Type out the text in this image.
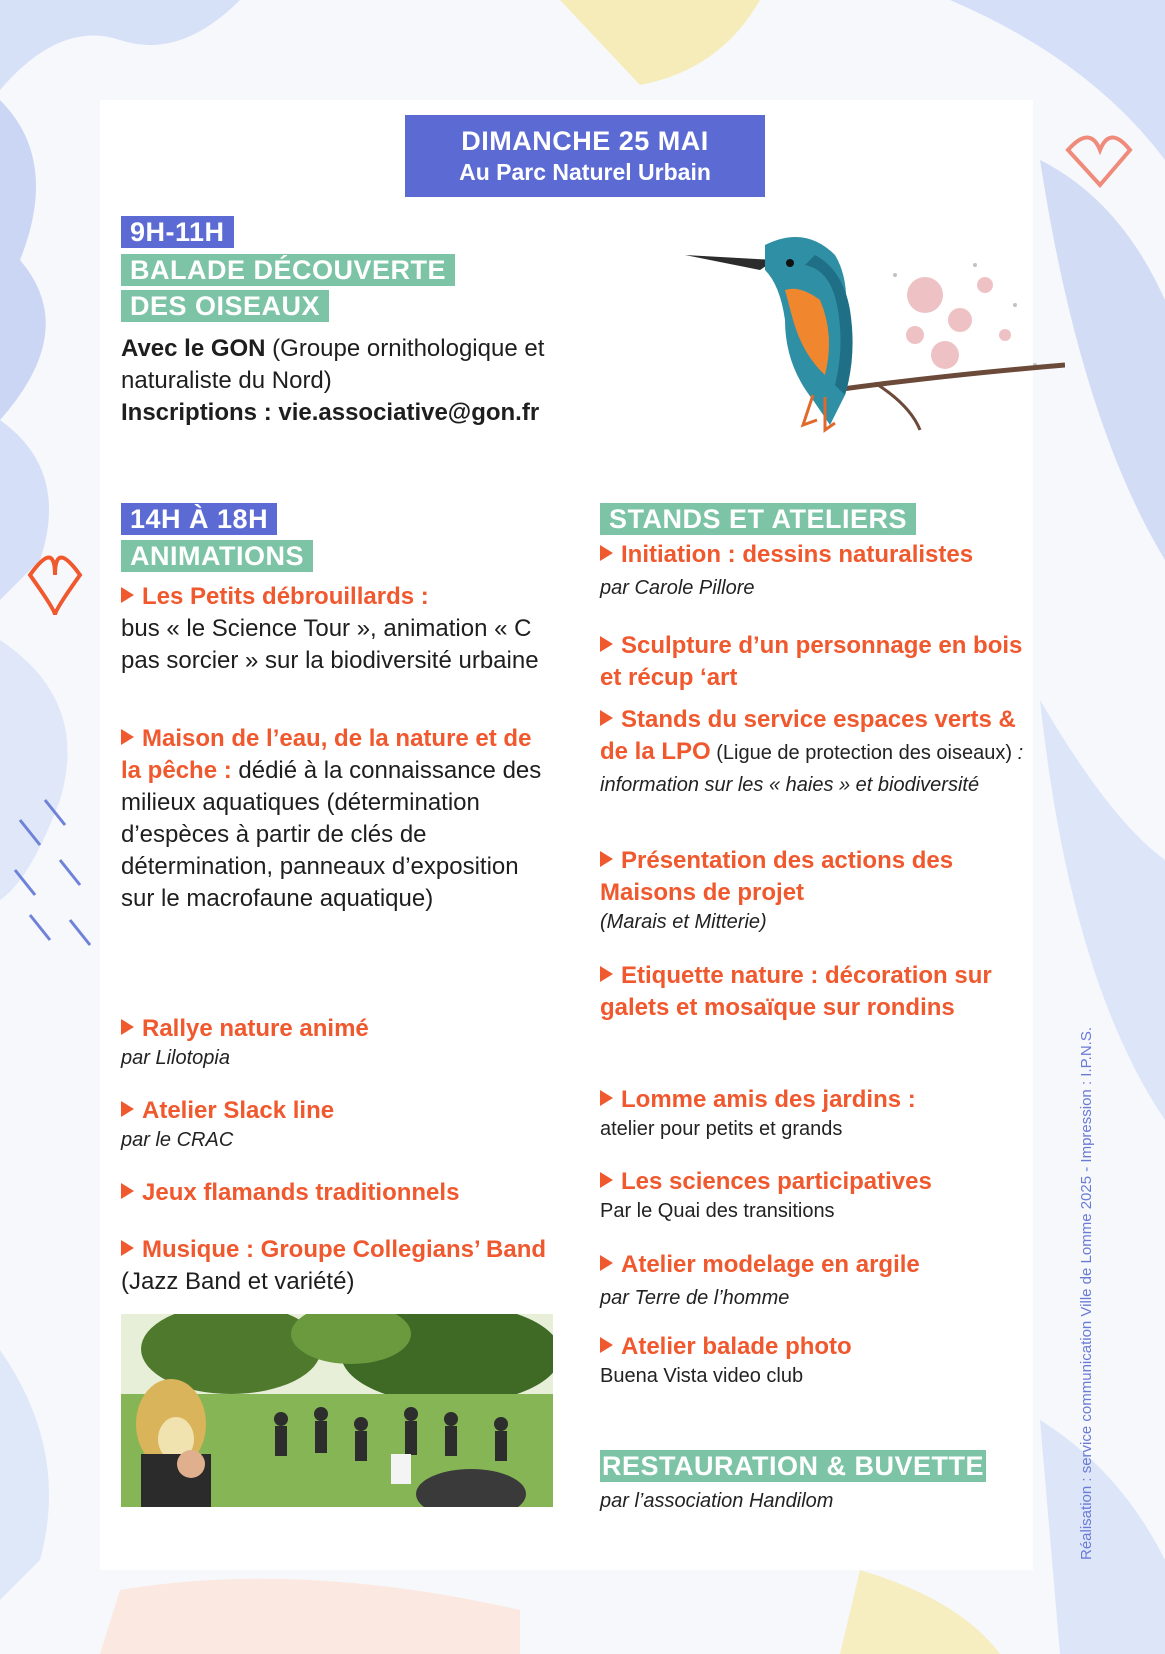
DIMANCHE 25 MAI
Au Parc Naturel Urbain
9H-11H
BALADE DÉCOUVERTE
DES OISEAUX
Avec le GON (Groupe ornithologique et naturaliste du Nord)
Inscriptions : vie.associative@gon.fr
14H À 18H
ANIMATIONS
Les Petits débrouillards :
bus « le Science Tour », animation « C pas sorcier » sur la biodiversité urbaine
Maison de l’eau, de la nature et de la pêche : dédié à la connaissance des milieux aquatiques (détermination d’espèces à partir de clés de détermination, panneaux d’exposition sur le macrofaune aquatique)
Rallye nature animé
par Lilotopia
Atelier Slack line
par le CRAC
Jeux flamands traditionnels
Musique : Groupe Collegians’ Band (Jazz Band et variété)
STANDS ET ATELIERS
Initiation : dessins naturalistes
par Carole Pillore
Sculpture d’un personnage en bois et récup ‘art
Stands du service espaces verts & de la LPO (Ligue de protection des oiseaux) : information sur les « haies » et biodiversité
Présentation des actions des Maisons de projet
(Marais et Mitterie)
Etiquette nature : décoration sur galets et mosaïque sur rondins
Lomme amis des jardins :
atelier pour petits et grands
Les sciences participatives
Par le Quai des transitions
Atelier modelage en argile
par Terre de l’homme
Atelier balade photo
Buena Vista video club
RESTAURATION & BUVETTE
par l’association Handilom	Réalisation : service communication Ville de Lomme 2025 - Impression : I.P.N.S.
